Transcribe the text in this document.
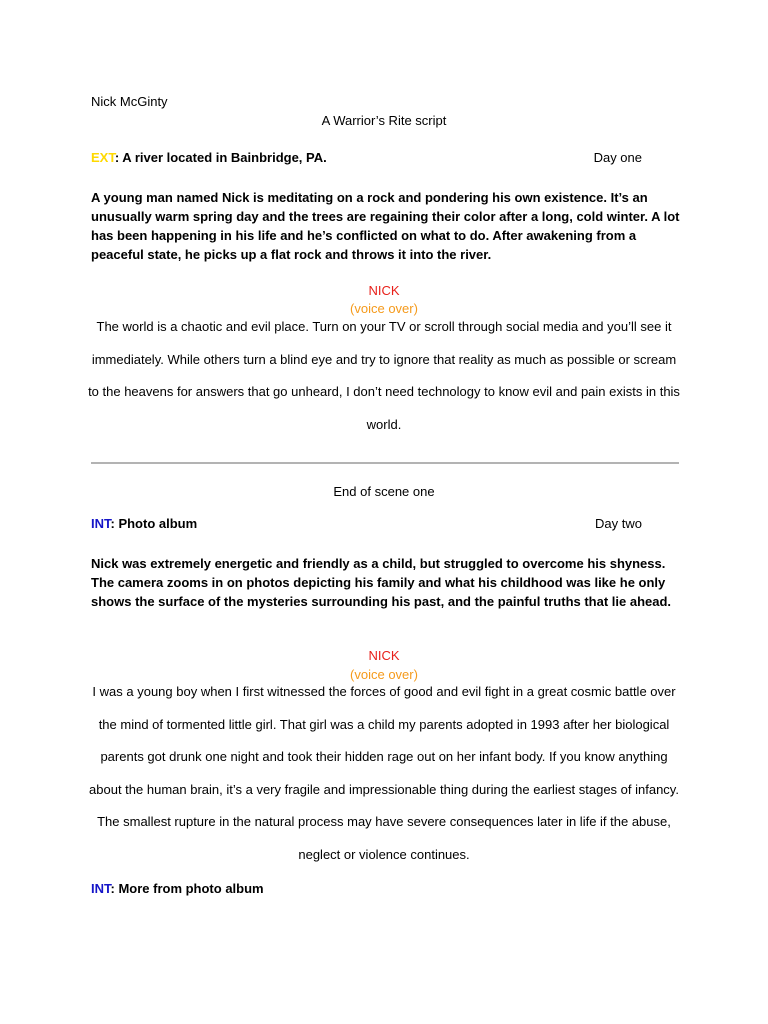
Nick McGinty
A Warrior’s Rite script
EXT: A river located in Bainbridge, PA.	Day one
A young man named Nick is meditating on a rock and pondering his own existence. It’s an unusually warm spring day and the trees are regaining their color after a long, cold winter. A lot has been happening in his life and he’s conflicted on what to do. After awakening from a peaceful state, he picks up a flat rock and throws it into the river.
NICK
(voice over)
The world is a chaotic and evil place. Turn on your TV or scroll through social media and you’ll see it immediately. While others turn a blind eye and try to ignore that reality as much as possible or scream to the heavens for answers that go unheard, I don’t need technology to know evil and pain exists in this world.
End of scene one
INT: Photo album	Day two
Nick was extremely energetic and friendly as a child, but struggled to overcome his shyness. The camera zooms in on photos depicting his family and what his childhood was like he only shows the surface of the mysteries surrounding his past, and the painful truths that lie ahead.
NICK
(voice over)
I was a young boy when I first witnessed the forces of good and evil fight in a great cosmic battle over the mind of tormented little girl. That girl was a child my parents adopted in 1993 after her biological parents got drunk one night and took their hidden rage out on her infant body. If you know anything about the human brain, it’s a very fragile and impressionable thing during the earliest stages of infancy. The smallest rupture in the natural process may have severe consequences later in life if the abuse, neglect or violence continues.
INT: More from photo album
